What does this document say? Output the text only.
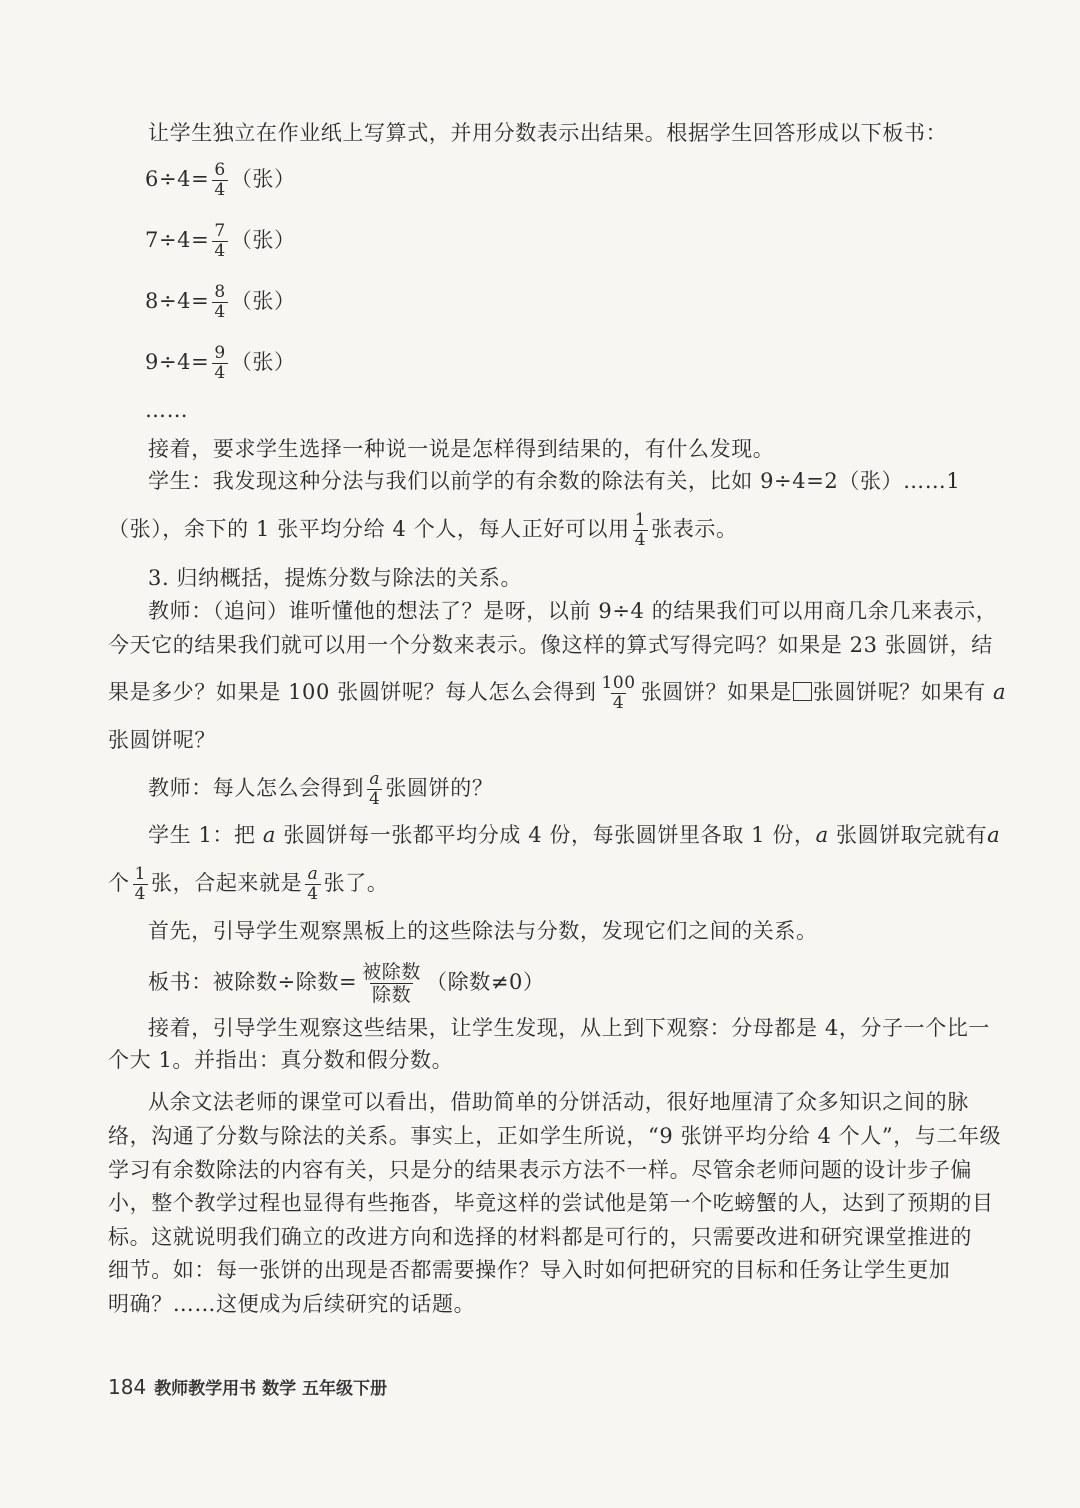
让学生独立在作业纸上写算式，并用分数表示出结果。根据学生回答形成以下板书：
$6\div 4= \frac{6}{4}$ （张）
$7\div 4= \frac{7}{4}$ （张）
$8\div 4= \frac{8}{4}$ （张）
$9\div 4= \frac{9}{4}$ （张）
……
接着，要求学生选择一种说一说是怎样得到结果的，有什么发现。
学生：我发现这种分法与我们以前学的有余数的除法有关，比如 9÷4=2（张）……1
（张），余下的 1 张平均分给 4 个人，每人正好可以用 $\frac{1}{4}$ 张表示。
3. 归纳概括，提炼分数与除法的关系。
教师：（追问）谁听懂他的想法了？是呀，以前 9÷4 的结果我们可以用商几余几来表示，
今天它的结果我们就可以用一个分数来表示。像这样的算式写得完吗？如果是 23 张圆饼，结
果是多少？如果是 100 张圆饼呢？每人怎么会得到 $\frac{100}{4}$ 张圆饼？如果是 张圆饼呢？如果有 a
张圆饼呢？
教师：每人怎么会得到 $\frac{a}{4}$ 张圆饼的？
学生 1：把 a 张圆饼每一张都平均分成 4 份，每张圆饼里各取 1 份，a 张圆饼取完就有a
个 $\frac{1}{4}$ 张，合起来就是 $\frac{a}{4}$ 张了。
首先，引导学生观察黑板上的这些除法与分数，发现它们之间的关系。
板书：被除数÷除数= $\frac{\text{被除数}}{\text{除数}}$ （除数≠0）
接着，引导学生观察这些结果，让学生发现，从上到下观察：分母都是 4，分子一个比一
个大 1。并指出：真分数和假分数。
从余文法老师的课堂可以看出，借助简单的分饼活动，很好地厘清了众多知识之间的脉
络，沟通了分数与除法的关系。事实上，正如学生所说，“9 张饼平均分给 4 个人”，与二年级
学习有余数除法的内容有关，只是分的结果表示方法不一样。尽管余老师问题的设计步子偏
小，整个教学过程也显得有些拖沓，毕竟这样的尝试他是第一个吃螃蟹的人，达到了预期的目
标。这就说明我们确立的改进方向和选择的材料都是可行的，只需要改进和研究课堂推进的
细节。如：每一张饼的出现是否都需要操作？导入时如何把研究的目标和任务让学生更加
明确？……这便成为后续研究的话题。
184 教师教学用书 数学 五年级下册
